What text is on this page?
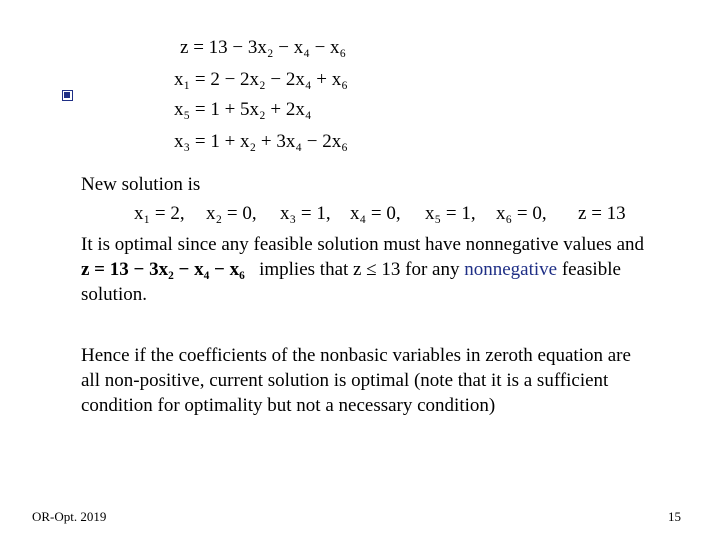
z = 13 − 3x₂ − x₄ − x₆
x₁ = 2 − 2x₂ − 2x₄ + x₆
x₅ = 1 + 5x₂ + 2x₄
x₃ = 1 + x₂ + 3x₄ − 2x₆
New solution is
x₁ = 2, x₂ = 0, x₃ = 1, x₄ = 0, x₅ = 1, x₆ = 0, z = 13
It is optimal since any feasible solution must have nonnegative values and
z = 13 − 3x₂ − x₄ − x₆ implies that z ≤ 13 for any nonnegative feasible
solution.
Hence if the coefficients of the nonbasic variables in zeroth equation are
all non-positive, current solution is optimal (note that it is a sufficient
condition for optimality but not a necessary condition)
OR-Opt. 2019	15
